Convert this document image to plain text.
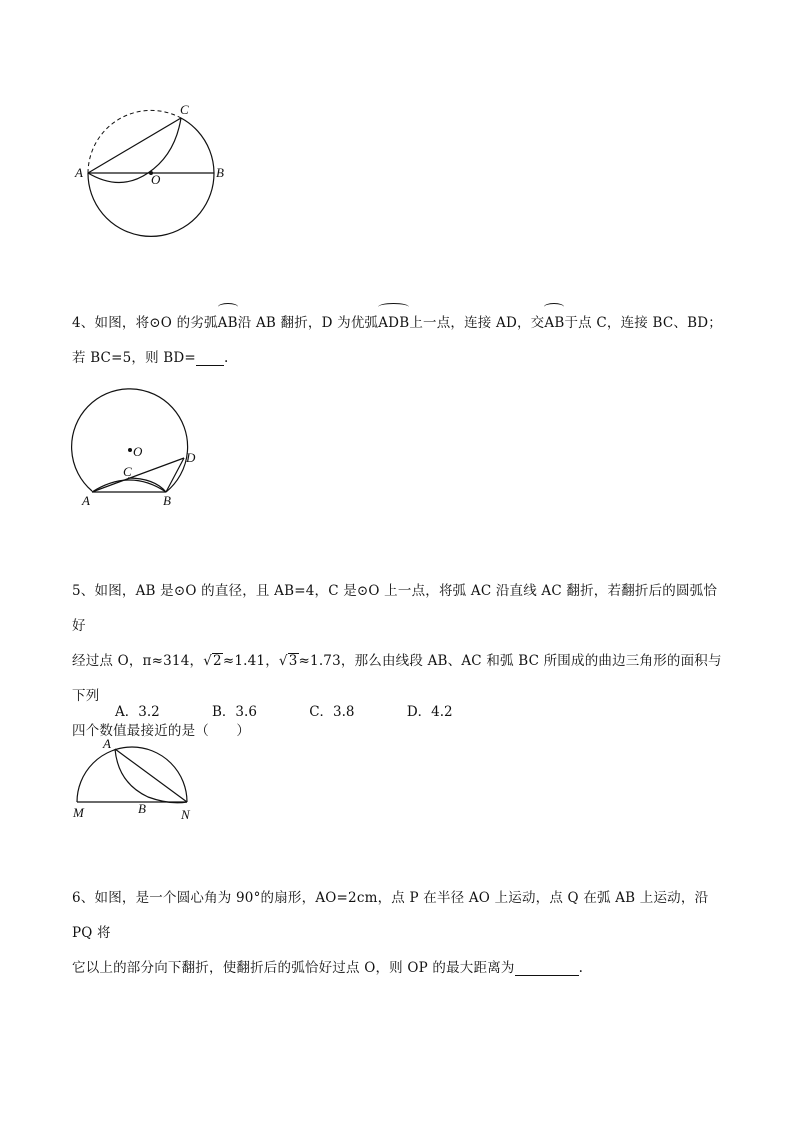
A	B
C
O

4、如图，将⊙O 的劣弧AB沿 AB 翻折，D 为优弧ADB上一点，连接 AD，交AB于点 C，连接 BC、BD；

若 BC=5，则 BD= .

O
C
D
A	B

5、如图，AB 是⊙O 的直径，且 AB=4，C 是⊙O 上一点，将弧 AC 沿直线 AC 翻折，若翻折后的圆弧恰好

经过点 O，π≈314，√2≈1.41，√3≈1.73，那么由线段 AB、AC 和弧 BC 所围成的曲边三角形的面积与下列

四个数值最接近的是（　　）

A．3.2	B．3.6	C．3.8	D．4.2
A
M	B	N

6、如图，是一个圆心角为 90°的扇形，AO=2cm，点 P 在半径 AO 上运动，点 Q 在弧 AB 上运动，沿 PQ 将

它以上的部分向下翻折，使翻折后的弧恰好过点 O，则 OP 的最大距离为	.
